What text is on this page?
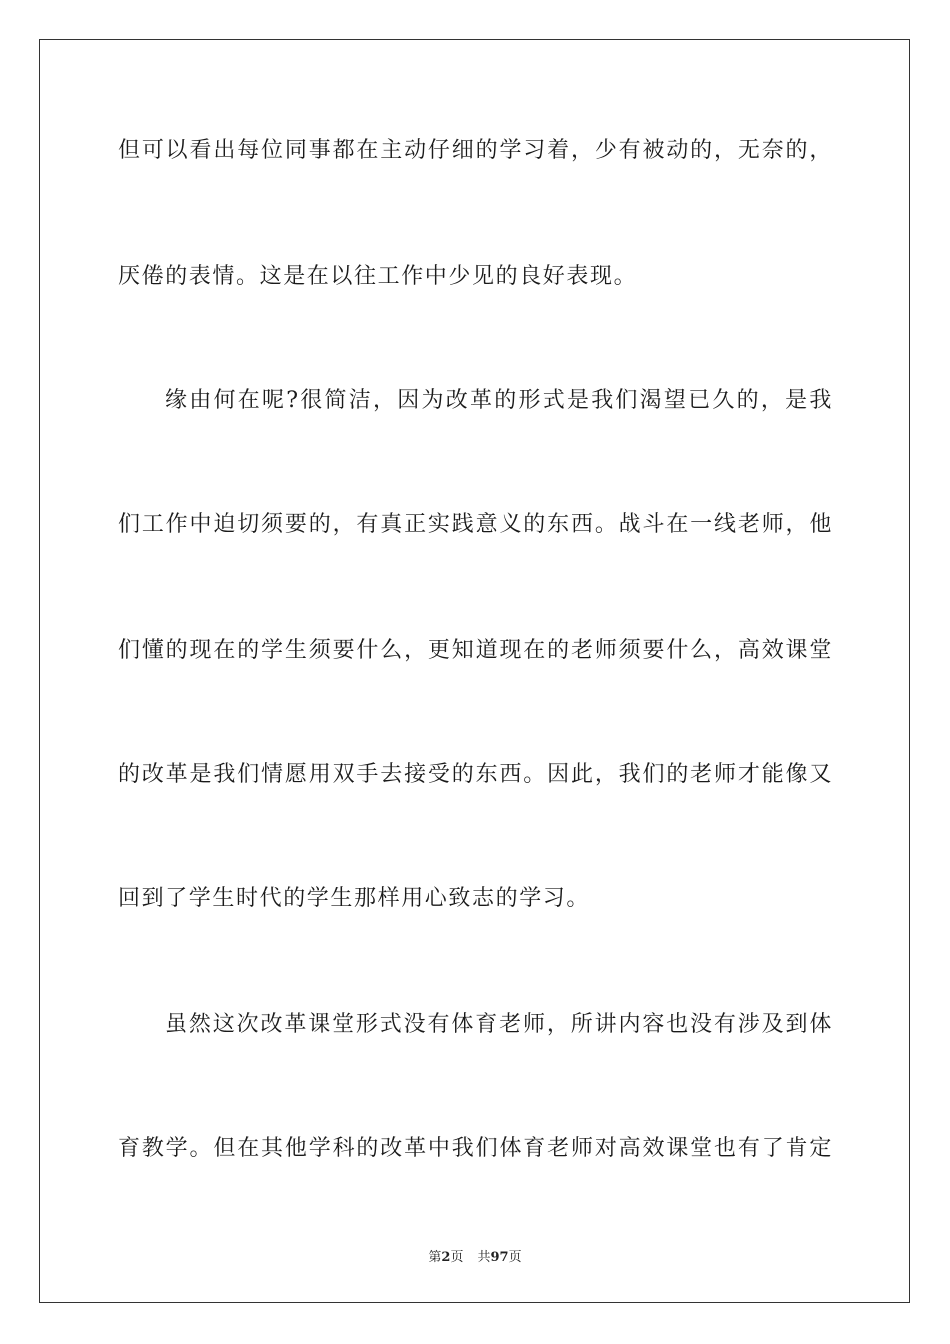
但可以看出每位同事都在主动仔细的学习着，少有被动的，无奈的，
厌倦的表情。这是在以往工作中少见的良好表现。
缘由何在呢?很简洁，因为改革的形式是我们渴望已久的，是我
们工作中迫切须要的，有真正实践意义的东西。战斗在一线老师，他
们懂的现在的学生须要什么，更知道现在的老师须要什么，高效课堂
的改革是我们情愿用双手去接受的东西。因此，我们的老师才能像又
回到了学生时代的学生那样用心致志的学习。
虽然这次改革课堂形式没有体育老师，所讲内容也没有涉及到体
育教学。但在其他学科的改革中我们体育老师对高效课堂也有了肯定
第2页 共97页
